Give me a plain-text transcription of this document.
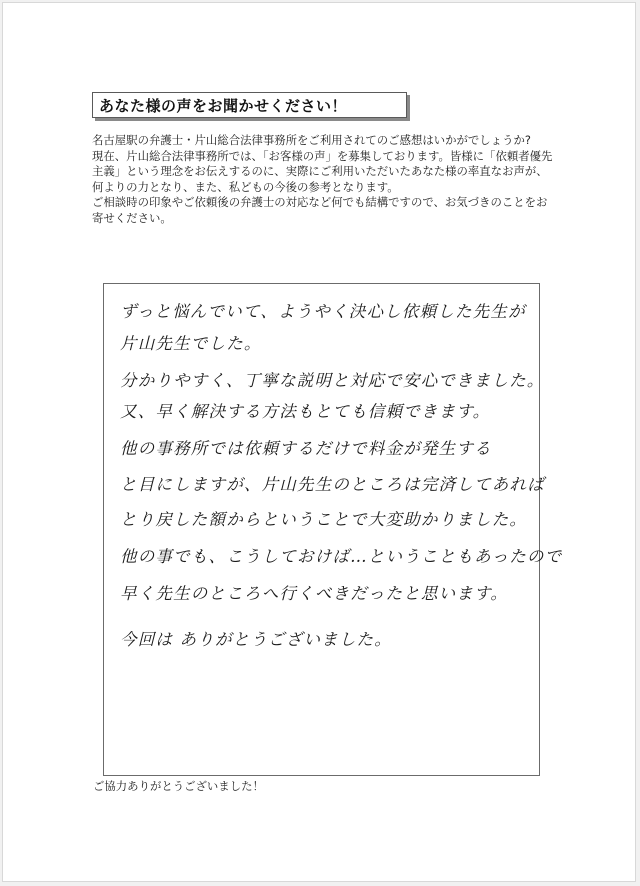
あなた様の声をお聞かせください！

名古屋駅の弁護士・片山総合法律事務所をご利用されてのご感想はいかがでしょうか?

現在、片山総合法律事務所では、「お客様の声」を募集しております。皆様に「依頼者優先主義」という理念をお伝えするのに、実際にご利用いただいたあなた様の率直なお声が、何よりの力となり、また、私どもの今後の参考となります。

ご相談時の印象やご依頼後の弁護士の対応など何でも結構ですので、お気づきのことをお寄せください。

ずっと悩んでいて、ようやく決心し依頼した先生が
片山先生でした。
分かりやすく、丁寧な説明と対応で安心できました。
又、早く解決する方法もとても信頼できます。
他の事務所では依頼するだけで料金が発生する
と目にしますが、片山先生のところは完済してあれば
とり戻した額からということで大変助かりました。
他の事でも、こうしておけば…ということもあったので
早く先生のところへ行くべきだったと思います。
今回は ありがとうございました。
ご協力ありがとうございました！
